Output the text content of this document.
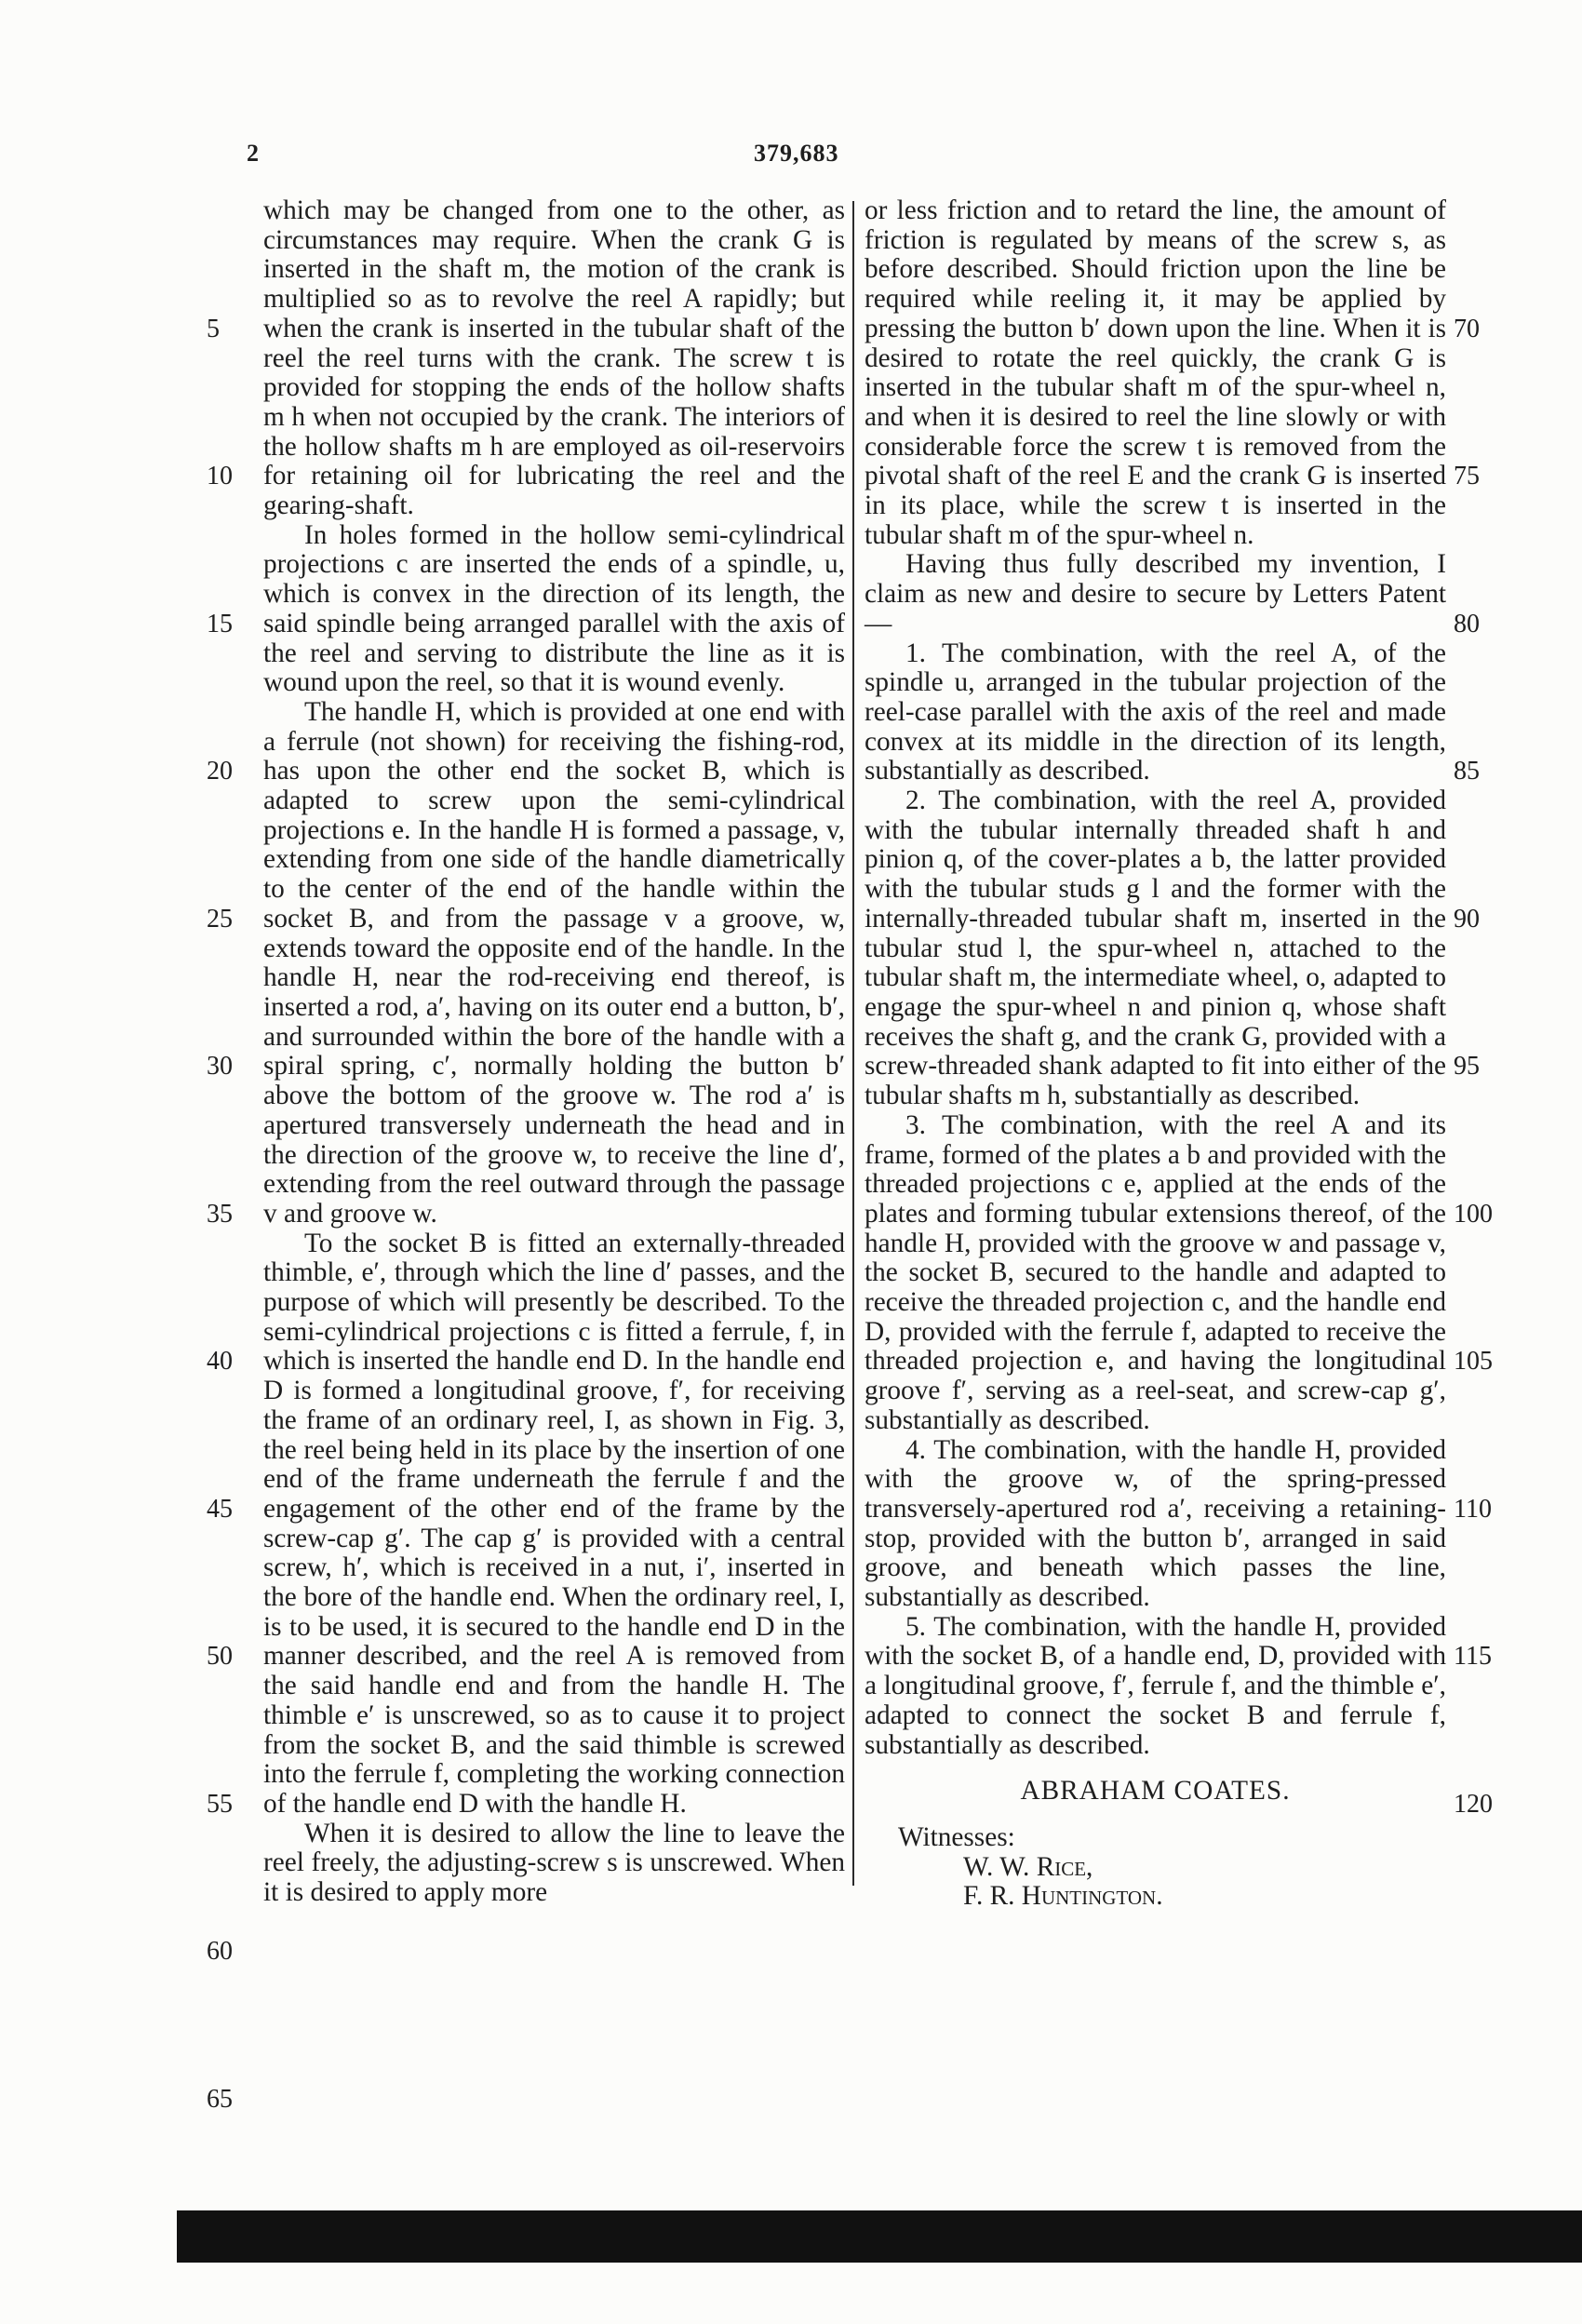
2	379,683

which may be changed from one to the other, as circumstances may require. When the crank G is inserted in the shaft m, the motion of the crank is multiplied so as to revolve the reel A rapidly; but when the crank is inserted in the tubular shaft of the reel the reel turns with the crank. The screw t is provided for stopping the ends of the hollow shafts m h when not occupied by the crank. The interiors of the hollow shafts m h are employed as oil-reservoirs for retaining oil for lubricating the reel and the gearing-shaft.

In holes formed in the hollow semi-cylindrical projections c are inserted the ends of a spindle, u, which is convex in the direction of its length, the said spindle being arranged parallel with the axis of the reel and serving to distribute the line as it is wound upon the reel, so that it is wound evenly.

The handle H, which is provided at one end with a ferrule (not shown) for receiving the fishing-rod, has upon the other end the socket B, which is adapted to screw upon the semi-cylindrical projections e. In the handle H is formed a passage, v, extending from one side of the handle diametrically to the center of the end of the handle within the socket B, and from the passage v a groove, w, extends toward the opposite end of the handle. In the handle H, near the rod-receiving end thereof, is inserted a rod, a′, having on its outer end a button, b′, and surrounded within the bore of the handle with a spiral spring, c′, normally holding the button b′ above the bottom of the groove w. The rod a′ is apertured transversely underneath the head and in the direction of the groove w, to receive the line d′, extending from the reel outward through the passage v and groove w.

To the socket B is fitted an externally-threaded thimble, e′, through which the line d′ passes, and the purpose of which will presently be described. To the semi-cylindrical projections c is fitted a ferrule, f, in which is inserted the handle end D. In the handle end D is formed a longitudinal groove, f′, for receiving the frame of an ordinary reel, I, as shown in Fig. 3, the reel being held in its place by the insertion of one end of the frame underneath the ferrule f and the engagement of the other end of the frame by the screw-cap g′. The cap g′ is provided with a central screw, h′, which is received in a nut, i′, inserted in the bore of the handle end. When the ordinary reel, I, is to be used, it is secured to the handle end D in the manner described, and the reel A is removed from the said handle end and from the handle H. The thimble e′ is unscrewed, so as to cause it to project from the socket B, and the said thimble is screwed into the ferrule f, completing the working connection of the handle end D with the handle H.

When it is desired to allow the line to leave the reel freely, the adjusting-screw s is unscrewed. When it is desired to apply more

or less friction and to retard the line, the amount of friction is regulated by means of the screw s, as before described. Should friction upon the line be required while reeling it, it may be applied by pressing the button b′ down upon the line. When it is desired to rotate the reel quickly, the crank G is inserted in the tubular shaft m of the spur-wheel n, and when it is desired to reel the line slowly or with considerable force the screw t is removed from the pivotal shaft of the reel E and the crank G is inserted in its place, while the screw t is inserted in the tubular shaft m of the spur-wheel n.

Having thus fully described my invention, I claim as new and desire to secure by Letters Patent—

1. The combination, with the reel A, of the spindle u, arranged in the tubular projection of the reel-case parallel with the axis of the reel and made convex at its middle in the direction of its length, substantially as described.

2. The combination, with the reel A, provided with the tubular internally threaded shaft h and pinion q, of the cover-plates a b, the latter provided with the tubular studs g l and the former with the internally-threaded tubular shaft m, inserted in the tubular stud l, the spur-wheel n, attached to the tubular shaft m, the intermediate wheel, o, adapted to engage the spur-wheel n and pinion q, whose shaft receives the shaft g, and the crank G, provided with a screw-threaded shank adapted to fit into either of the tubular shafts m h, substantially as described.

3. The combination, with the reel A and its frame, formed of the plates a b and provided with the threaded projections c e, applied at the ends of the plates and forming tubular extensions thereof, of the handle H, provided with the groove w and passage v, the socket B, secured to the handle and adapted to receive the threaded projection c, and the handle end D, provided with the ferrule f, adapted to receive the threaded projection e, and having the longitudinal groove f′, serving as a reel-seat, and screw-cap g′, substantially as described.

4. The combination, with the handle H, provided with the groove w, of the spring-pressed transversely-apertured rod a′, receiving a retaining-stop, provided with the button b′, arranged in said groove, and beneath which passes the line, substantially as described.

5. The combination, with the handle H, provided with the socket B, of a handle end, D, provided with a longitudinal groove, f′, ferrule f, and the thimble e′, adapted to connect the socket B and ferrule f, substantially as described.

ABRAHAM COATES.

Witnesses:
W. W. Rice,
F. R. Huntington.
5
10
15
20
25
30
35
40
45
50
55
60
65
70
75
80
85
90
95
100
105
110
115
120
